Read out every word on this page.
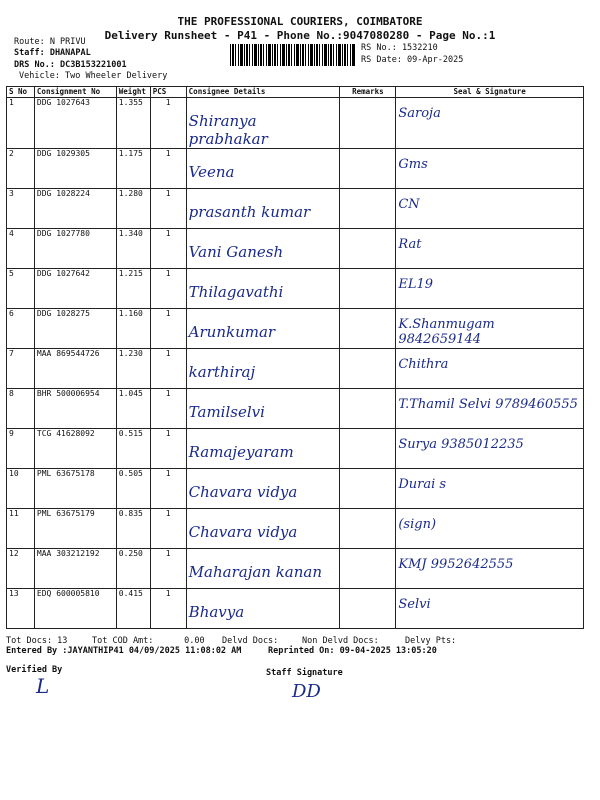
THE PROFESSIONAL COURIERS, COIMBATORE
Delivery Runsheet - P41 - Phone No.:9047080280 - Page No.:1
Route: N PRIVU
Staff: DHANAPAL
DRS No.: DC3B153221001
Vehicle: Two Wheeler Delivery
RS No.: 1532210
RS Date: 09-Apr-2025
S No	Consignment No	Weight	PCS	Consignee Details	Remarks	Seal & Signature
1	DDG 1027643	1.355	1	Shiranya prabhakar		Saroja

2	DDG 1029305	1.175	1	Veena		Gms

3	DDG 1028224	1.280	1	prasanth kumar		CN

4	DDG 1027780	1.340	1	Vani Ganesh		Rat

5	DDG 1027642	1.215	1	Thilagavathi		EL19

6	DDG 1028275	1.160	1	Arunkumar		K.Shanmugam 9842659144

7	MAA 869544726	1.230	1	karthiraj		Chithra

8	BHR 500006954	1.045	1	Tamilselvi		T.Thamil Selvi 9789460555

9	TCG 41628092	0.515	1	Ramajeyaram		Surya 9385012235

10	PML 63675178	0.505	1	Chavara vidya		Durai s

11	PML 63675179	0.835	1	Chavara vidya		(sign)

12	MAA 303212192	0.250	1	Maharajan kanan		KMJ 9952642555

13	EDQ 600005810	0.415	1	Bhavya		Selvi
Tot Docs: 13	Tot COD Amt:      0.00 Delvd Docs:	Non Delvd Docs:	Delvy Pts:
Entered By :JAYANTHIP41 04/09/2025 11:08:02 AM	Reprinted On: 09-04-2025 13:05:20
Verified By	Staff Signature
L	DD
